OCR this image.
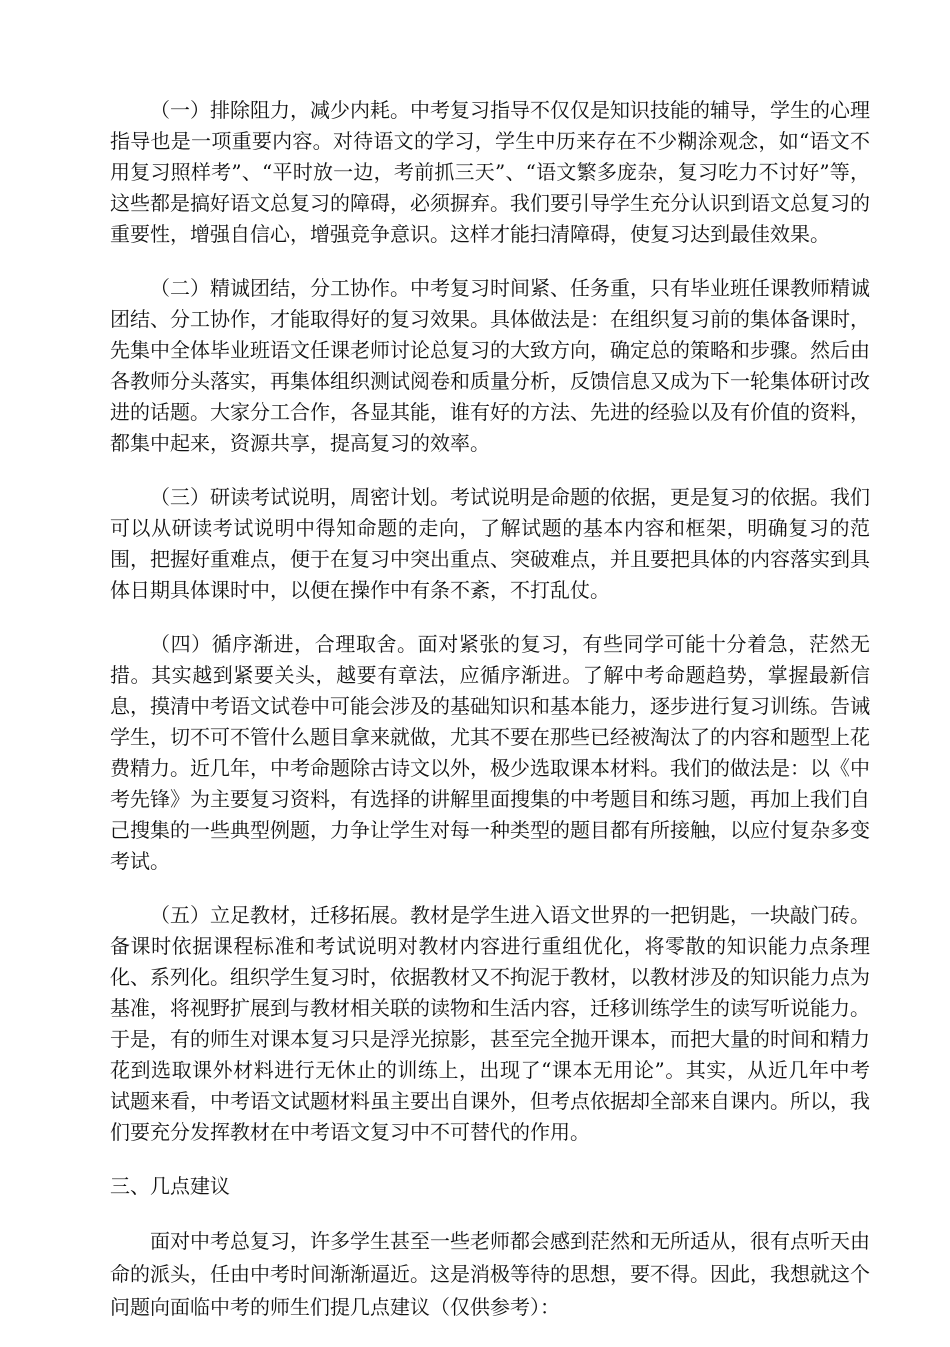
（一）排除阻力，减少内耗。中考复习指导不仅仅是知识技能的辅导，学生的心理指导也是一项重要内容。对待语文的学习，学生中历来存在不少糊涂观念，如“语文不用复习照样考”、“平时放一边，考前抓三天”、“语文繁多庞杂，复习吃力不讨好”等，这些都是搞好语文总复习的障碍，必须摒弃。我们要引导学生充分认识到语文总复习的重要性，增强自信心，增强竞争意识。这样才能扫清障碍，使复习达到最佳效果。

（二）精诚团结，分工协作。中考复习时间紧、任务重，只有毕业班任课教师精诚团结、分工协作，才能取得好的复习效果。具体做法是：在组织复习前的集体备课时，先集中全体毕业班语文任课老师讨论总复习的大致方向，确定总的策略和步骤。然后由各教师分头落实，再集体组织测试阅卷和质量分析，反馈信息又成为下一轮集体研讨改进的话题。大家分工合作，各显其能，谁有好的方法、先进的经验以及有价值的资料，都集中起来，资源共享，提高复习的效率。

（三）研读考试说明，周密计划。考试说明是命题的依据，更是复习的依据。我们可以从研读考试说明中得知命题的走向，了解试题的基本内容和框架，明确复习的范围，把握好重难点，便于在复习中突出重点、突破难点，并且要把具体的内容落实到具体日期具体课时中，以便在操作中有条不紊，不打乱仗。

（四）循序渐进，合理取舍。面对紧张的复习，有些同学可能十分着急，茫然无措。其实越到紧要关头，越要有章法，应循序渐进。了解中考命题趋势，掌握最新信息，摸清中考语文试卷中可能会涉及的基础知识和基本能力，逐步进行复习训练。告诫学生，切不可不管什么题目拿来就做，尤其不要在那些已经被淘汰了的内容和题型上花费精力。近几年，中考命题除古诗文以外，极少选取课本材料。我们的做法是：以《中考先锋》为主要复习资料，有选择的讲解里面搜集的中考题目和练习题，再加上我们自己搜集的一些典型例题，力争让学生对每一种类型的题目都有所接触，以应付复杂多变考试。

（五）立足教材，迁移拓展。教材是学生进入语文世界的一把钥匙，一块敲门砖。备课时依据课程标准和考试说明对教材内容进行重组优化，将零散的知识能力点条理化、系列化。组织学生复习时，依据教材又不拘泥于教材，以教材涉及的知识能力点为基准，将视野扩展到与教材相关联的读物和生活内容，迁移训练学生的读写听说能力。于是，有的师生对课本复习只是浮光掠影，甚至完全抛开课本，而把大量的时间和精力花到选取课外材料进行无休止的训练上，出现了“课本无用论”。其实，从近几年中考试题来看，中考语文试题材料虽主要出自课外，但考点依据却全部来自课内。所以，我们要充分发挥教材在中考语文复习中不可替代的作用。

三、几点建议

面对中考总复习，许多学生甚至一些老师都会感到茫然和无所适从，很有点听天由命的派头，任由中考时间渐渐逼近。这是消极等待的思想，要不得。因此，我想就这个问题向面临中考的师生们提几点建议（仅供参考）：
